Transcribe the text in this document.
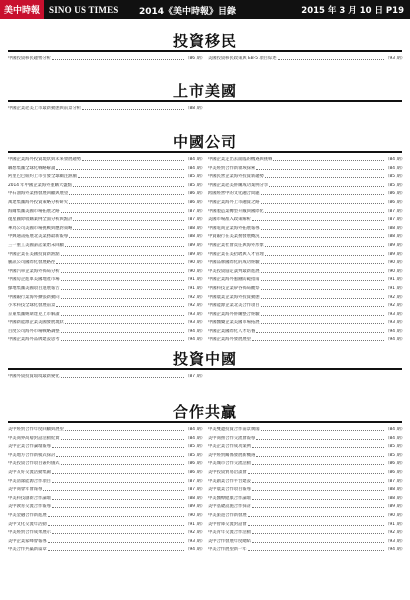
美中時報	SINO US TIMES 2014《美中時報》目錄	2015 年 3 月 10 日 P19
投資移民
中國投資移民趨勢分析	（86 期） 美國投資移民政策與 EB-5 項目綜述	（93 期）
上市美國
中國企業赴美上市最新動態與前景分析	（88 期）
中國公司
中國企業海外投資現狀與未來發展趨勢	（84 期）
聯想集團全球化戰略解讀	（84 期）
阿里巴巴紐約上市引發全球關注熱潮	（85 期）
2014 年中國企業海外並購大盤點	（85 期）
中石油海外業務發展回顧與展望	（86 期）
萬達集團海外投資策略分析研究	（86 期）
海爾集團美國市場拓展之路	（87 期）
復星國際收購案例全面分析與點評	（87 期）
華為公司美國市場挑戰與應對策略	（88 期）
中興通訊拓展北美業務最新報導	（88 期）
三一重工美國訴訟案始末回顧	（89 期）
中國企業在美國投資新熱點	（89 期）
騰訊公司國際化發展路徑	（90 期）
中國汽車企業海外佈局分析	（90 期）
中國房企進軍美國地產市場	（91 期）
綠地集團美國項目進展報告	（91 期）
中國銀行業海外擴張新動向	（92 期）
小米科技全球化發展前景	（92 期）
京東集團納斯達克上市解讀	（93 期）
中國新能源企業美國發展現狀	（93 期）
百度公司海外市場戰略調整	（94 期）
中國企業海外品牌建設思考	（94 期）
中國企業走出去面臨的機遇與挑戰	（84 期）
中美經貿合作新領域探索	（84 期）
中國民營企業海外投資新趨勢	（85 期）
中國企業赴美併購成功案例分享	（85 期）
跨國經營中的文化融合問題	（86 期）
中國企業海外上市融資之路	（86 期）
中國製造業轉型升級與國際化	（87 期）
美國市場准入政策解析	（87 期）
中國電商企業海外拓展報導	（88 期）
中資銀行在美業務發展概況	（88 期）
中國企業社會責任與海外形象	（89 期）
中國企業在美招聘與人才管理	（89 期）
中國品牌國際化的成功經驗	（90 期）
中美投資協定談判最新進展	（90 期）
中國企業海外風險防範指南	（91 期）
中國科技企業矽谷佈局觀察	（91 期）
中國農業企業海外投資動態	（92 期）
中國能源企業北美合作項目	（92 期）
中國企業海外併購整合經驗	（93 期）
中國醫藥企業美國市場拓展	（93 期）
中國企業國際化人才培養	（94 期）
中國企業海外發展展望	（94 期）
投資中國
中國外資投資環境最新變化	（87 期）
合作共贏
美中經貿合作年度回顧與展望	（84 期）
中美商界高層對話活動紀實	（84 期）
美中企業合作論壇報導	（85 期）
中美地方合作新模式探討	（85 期）
中美投資合作項目簽約儀式	（86 期）
美中友好交流活動集錦	（86 期）
中美清潔能源合作項目	（87 期）
美中商會年會報導	（87 期）
中美科技創新合作論壇	（88 期）
美中教育交流合作報導	（89 期）
中美金融合作新進展	（90 期）
美中文化交流年活動	（91 期）
中美經貿合作成果展示	（92 期）
美中企業家峰會報導	（93 期）
中美合作共贏新篇章	（94 期）
中美雙邊投資合作前景廣闊	（84 期）
美中商務合作交流會報導	（84 期）
中美企業合作成功案例	（85 期）
美中經貿關係發展新機遇	（85 期）
中美城市合作交流活動	（86 期）
美中投資貿易洽談會	（86 期）
中美創業合作平台建設	（87 期）
美中農業合作項目報導	（88 期）
中美醫療健康合作論壇	（88 期）
美中基礎設施合作探討	（89 期）
中美旅遊合作新發展	（90 期）
美中智庫交流對話會	（91 期）
中美青年交流合作活動	（92 期）
美中合作發展年度總結	（93 期）
中美合作展望新一年	（94 期）
